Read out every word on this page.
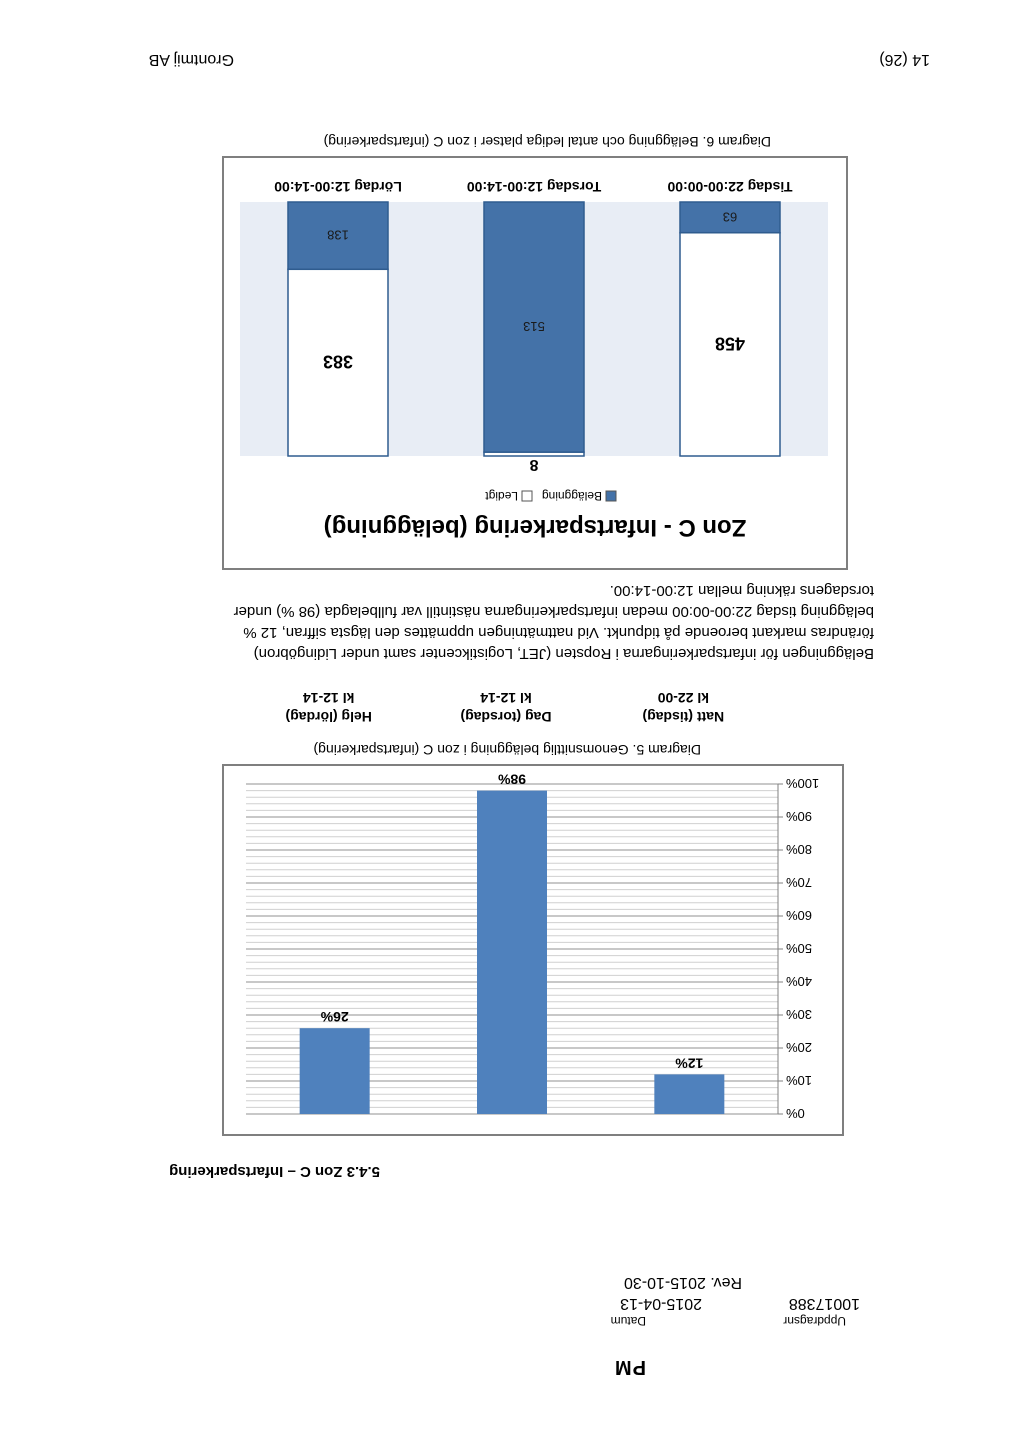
PM
Datum
2015-04-13
Rev. 2015-10-30
Uppdragsnr
10017388
5.4.3 Zon C – Infartsparkering
0%
10%
20%
30%
40%
50%
60%
70%
80%
90%
100%
12%
98%
26%
Natt (tisdag)
kl 22-00
Dag (torsdag)
kl 12-14
Helg (lördag)
kl 12-14
Diagram 5. Genomsnittlig beläggning i zon C (infartsparkering)
Beläggningen för infartsparkeringarna i Ropsten (JET, Logistikcenter samt under Lidingöbron)
förändras markant beroende på tidpunkt. Vid nattmätningen uppmättes den lägsta siffran, 12 %
beläggning tisdag 22:00-00:00 medan infartsparkeringarna nästintill var fullbelagda (98 %) under
torsdagens räkning mellan 12:00-14:00.
Zon C - Infartsparkering (beläggning)
Beläggning
Ledigt
458
63
Tisdag 22:00-00:00
8
513
Torsdag 12:00-14:00
383
138
Lördag 12:00-14:00
Diagram 6. Beläggning och antal lediga platser i zon C (infartsparkering)
Grontmij AB	14 (26)
